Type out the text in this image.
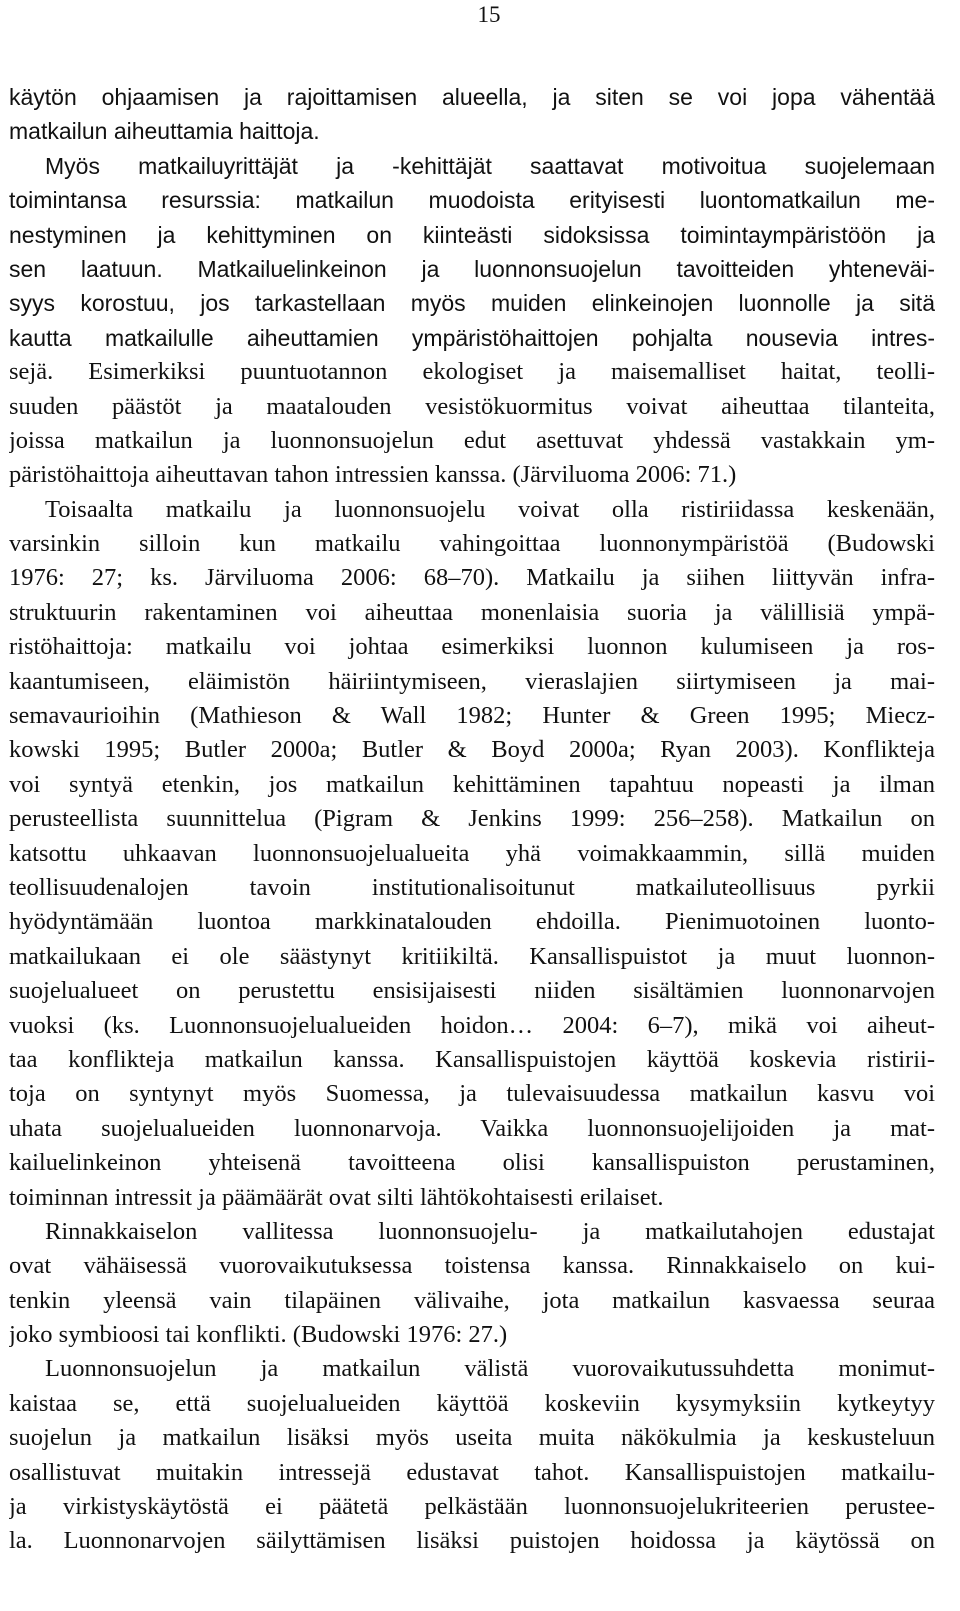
15
käytön ohjaamisen ja rajoittamisen alueella, ja siten se voi jopa vähentää
matkailun aiheuttamia haittoja.
Myös matkailuyrittäjät ja -kehittäjät saattavat motivoitua suojelemaan
toimintansa resurssia: matkailun muodoista erityisesti luontomatkailun me-
nestyminen ja kehittyminen on kiinteästi sidoksissa toimintaympäristöön ja
sen laatuun. Matkailuelinkeinon ja luonnonsuojelun tavoitteiden yhteneväi-
syys korostuu, jos tarkastellaan myös muiden elinkeinojen luonnolle ja sitä
kautta matkailulle aiheuttamien ympäristöhaittojen pohjalta nousevia intres-
sejä. Esimerkiksi puuntuotannon ekologiset ja maisemalliset haitat, teolli-
suuden päästöt ja maatalouden vesistökuormitus voivat aiheuttaa tilanteita,
joissa matkailun ja luonnonsuojelun edut asettuvat yhdessä vastakkain ym-
päristöhaittoja aiheuttavan tahon intressien kanssa. (Järviluoma 2006: 71.)
Toisaalta matkailu ja luonnonsuojelu voivat olla ristiriidassa keskenään,
varsinkin silloin kun matkailu vahingoittaa luonnonympäristöä (Budowski
1976: 27; ks. Järviluoma 2006: 68–70). Matkailu ja siihen liittyvän infra-
struktuurin rakentaminen voi aiheuttaa monenlaisia suoria ja välillisiä ympä-
ristöhaittoja: matkailu voi johtaa esimerkiksi luonnon kulumiseen ja ros-
kaantumiseen, eläimistön häiriintymiseen, vieraslajien siirtymiseen ja mai-
semavaurioihin (Mathieson & Wall 1982; Hunter & Green 1995; Miecz-
kowski 1995; Butler 2000a; Butler & Boyd 2000a; Ryan 2003). Konflikteja
voi syntyä etenkin, jos matkailun kehittäminen tapahtuu nopeasti ja ilman
perusteellista suunnittelua (Pigram & Jenkins 1999: 256–258). Matkailun on
katsottu uhkaavan luonnonsuojelualueita yhä voimakkaammin, sillä muiden
teollisuudenalojen tavoin institutionalisoitunut matkailuteollisuus pyrkii
hyödyntämään luontoa markkinatalouden ehdoilla. Pienimuotoinen luonto-
matkailukaan ei ole säästynyt kritiikiltä. Kansallispuistot ja muut luonnon-
suojelualueet on perustettu ensisijaisesti niiden sisältämien luonnonarvojen
vuoksi (ks. Luonnonsuojelualueiden hoidon… 2004: 6–7), mikä voi aiheut-
taa konflikteja matkailun kanssa. Kansallispuistojen käyttöä koskevia ristirii-
toja on syntynyt myös Suomessa, ja tulevaisuudessa matkailun kasvu voi
uhata suojelualueiden luonnonarvoja. Vaikka luonnonsuojelijoiden ja mat-
kailuelinkeinon yhteisenä tavoitteena olisi kansallispuiston perustaminen,
toiminnan intressit ja päämäärät ovat silti lähtökohtaisesti erilaiset.
Rinnakkaiselon vallitessa luonnonsuojelu- ja matkailutahojen edustajat
ovat vähäisessä vuorovaikutuksessa toistensa kanssa. Rinnakkaiselo on kui-
tenkin yleensä vain tilapäinen välivaihe, jota matkailun kasvaessa seuraa
joko symbioosi tai konflikti. (Budowski 1976: 27.)
Luonnonsuojelun ja matkailun välistä vuorovaikutussuhdetta monimut-
kaistaa se, että suojelualueiden käyttöä koskeviin kysymyksiin kytkeytyy
suojelun ja matkailun lisäksi myös useita muita näkökulmia ja keskusteluun
osallistuvat muitakin intressejä edustavat tahot. Kansallispuistojen matkailu-
ja virkistyskäytöstä ei päätetä pelkästään luonnonsuojelukriteerien perustee-
la. Luonnonarvojen säilyttämisen lisäksi puistojen hoidossa ja käytössä on
